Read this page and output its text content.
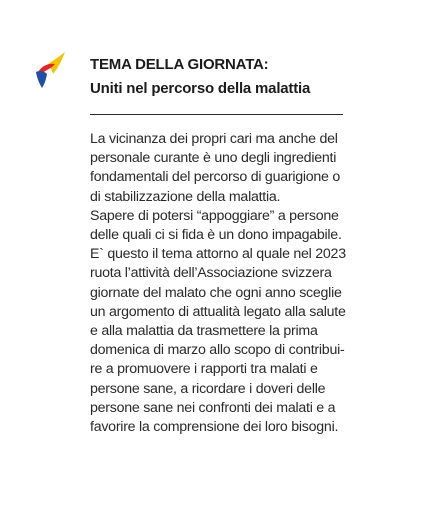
TEMA DELLA GIORNATA:
Uniti nel percorso della malattia
La vicinanza dei propri cari ma anche del
personale curante è uno degli ingredienti
fondamentali del percorso di guarigione o
di stabilizzazione della malattia.
Sapere di potersi “appoggiare” a persone
delle quali ci si fida è un dono impagabile.
E` questo il tema attorno al quale nel 2023
ruota l’attività dell’Associazione svizzera
giornate del malato che ogni anno sceglie
un argomento di attualità legato alla salute
e alla malattia da trasmettere la prima
domenica di marzo allo scopo di contribui-
re a promuovere i rapporti tra malati e
persone sane, a ricordare i doveri delle
persone sane nei confronti dei malati e a
favorire la comprensione dei loro bisogni.
